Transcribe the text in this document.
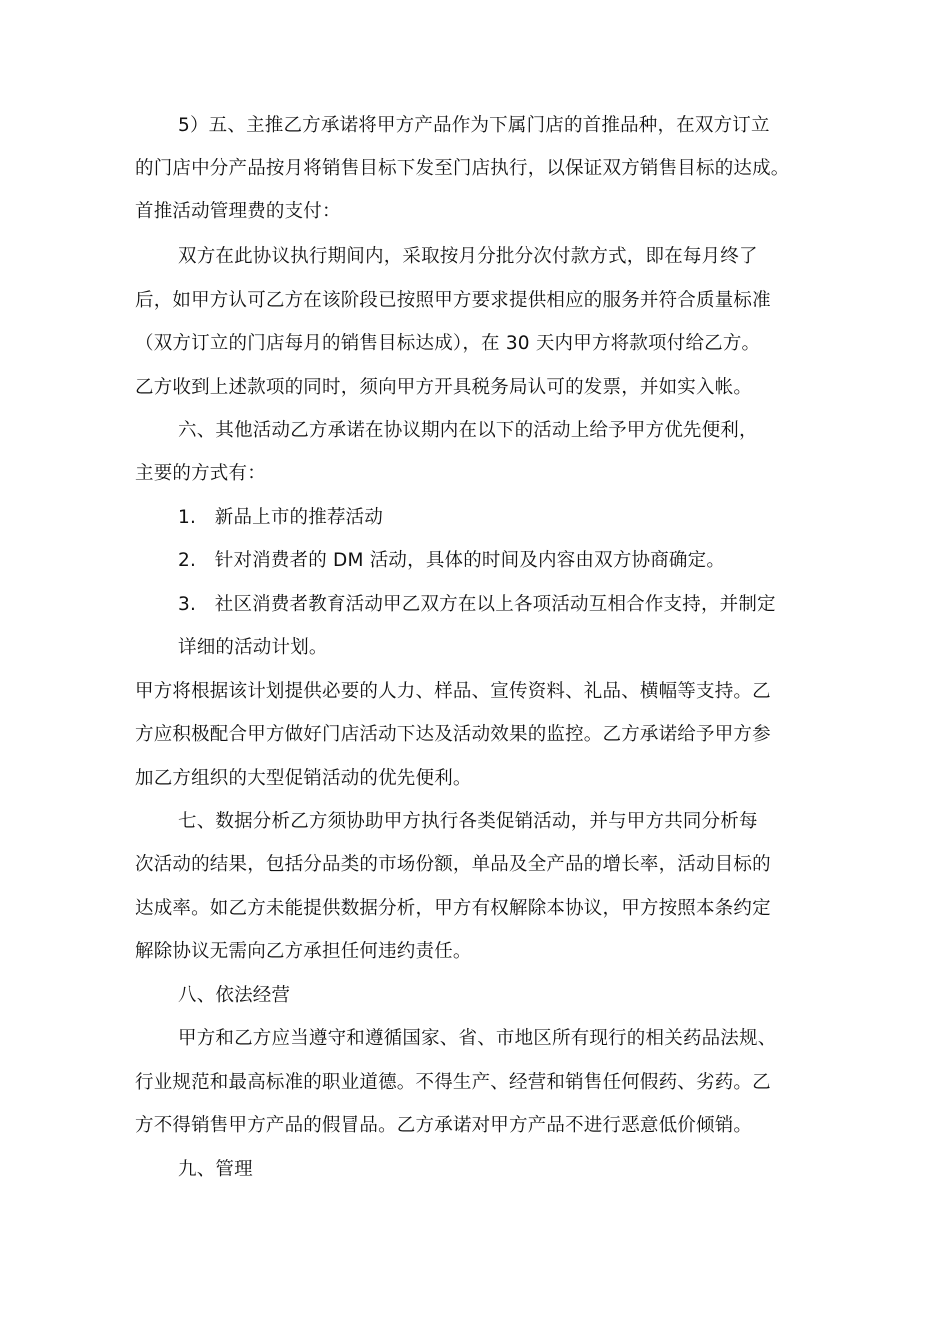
5）五、主推乙方承诺将甲方产品作为下属门店的首推品种，在双方订立
的门店中分产品按月将销售目标下发至门店执行，以保证双方销售目标的达成。
首推活动管理费的支付：
双方在此协议执行期间内，采取按月分批分次付款方式，即在每月终了
后，如甲方认可乙方在该阶段已按照甲方要求提供相应的服务并符合质量标准
（双方订立的门店每月的销售目标达成），在 30 天内甲方将款项付给乙方。
乙方收到上述款项的同时，须向甲方开具税务局认可的发票，并如实入帐。
六、其他活动乙方承诺在协议期内在以下的活动上给予甲方优先便利，
主要的方式有：
1.　新品上市的推荐活动
2.　针对消费者的 DM 活动，具体的时间及内容由双方协商确定。
3.　社区消费者教育活动甲乙双方在以上各项活动互相合作支持，并制定
详细的活动计划。
甲方将根据该计划提供必要的人力、样品、宣传资料、礼品、横幅等支持。乙
方应积极配合甲方做好门店活动下达及活动效果的监控。乙方承诺给予甲方参
加乙方组织的大型促销活动的优先便利。
七、数据分析乙方须协助甲方执行各类促销活动，并与甲方共同分析每
次活动的结果，包括分品类的市场份额，单品及全产品的增长率，活动目标的
达成率。如乙方未能提供数据分析，甲方有权解除本协议，甲方按照本条约定
解除协议无需向乙方承担任何违约责任。
八、依法经营
甲方和乙方应当遵守和遵循国家、省、市地区所有现行的相关药品法规、
行业规范和最高标准的职业道德。不得生产、经营和销售任何假药、劣药。乙
方不得销售甲方产品的假冒品。乙方承诺对甲方产品不进行恶意低价倾销。
九、管理
